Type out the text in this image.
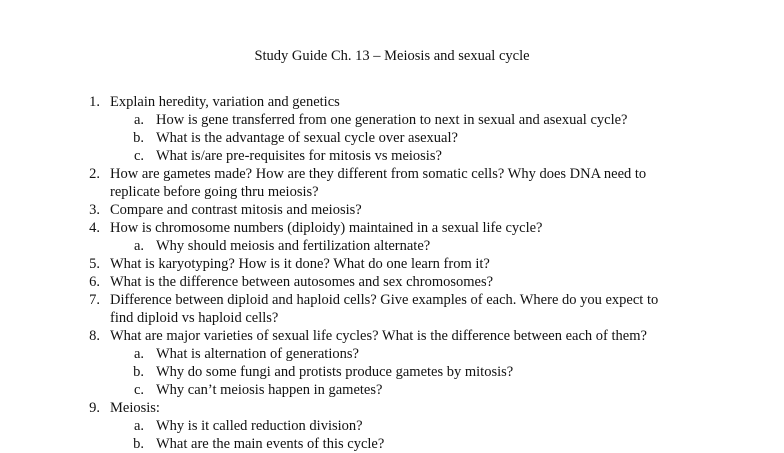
Study Guide Ch. 13 – Meiosis and sexual cycle
1. Explain heredity, variation and genetics
a. How is gene transferred from one generation to next in sexual and asexual cycle?
b. What is the advantage of sexual cycle over asexual?
c. What is/are pre-requisites for mitosis vs meiosis?
2. How are gametes made? How are they different from somatic cells? Why does DNA need to
replicate before going thru meiosis?
3. Compare and contrast mitosis and meiosis?
4. How is chromosome numbers (diploidy) maintained in a sexual life cycle?
a. Why should meiosis and fertilization alternate?
5. What is karyotyping? How is it done? What do one learn from it?
6. What is the difference between autosomes and sex chromosomes?
7. Difference between diploid and haploid cells? Give examples of each. Where do you expect to
find diploid vs haploid cells?
8. What are major varieties of sexual life cycles? What is the difference between each of them?
a. What is alternation of generations?
b. Why do some fungi and protists produce gametes by mitosis?
c. Why can’t meiosis happen in gametes?
9. Meiosis:
a. Why is it called reduction division?
b. What are the main events of this cycle?
